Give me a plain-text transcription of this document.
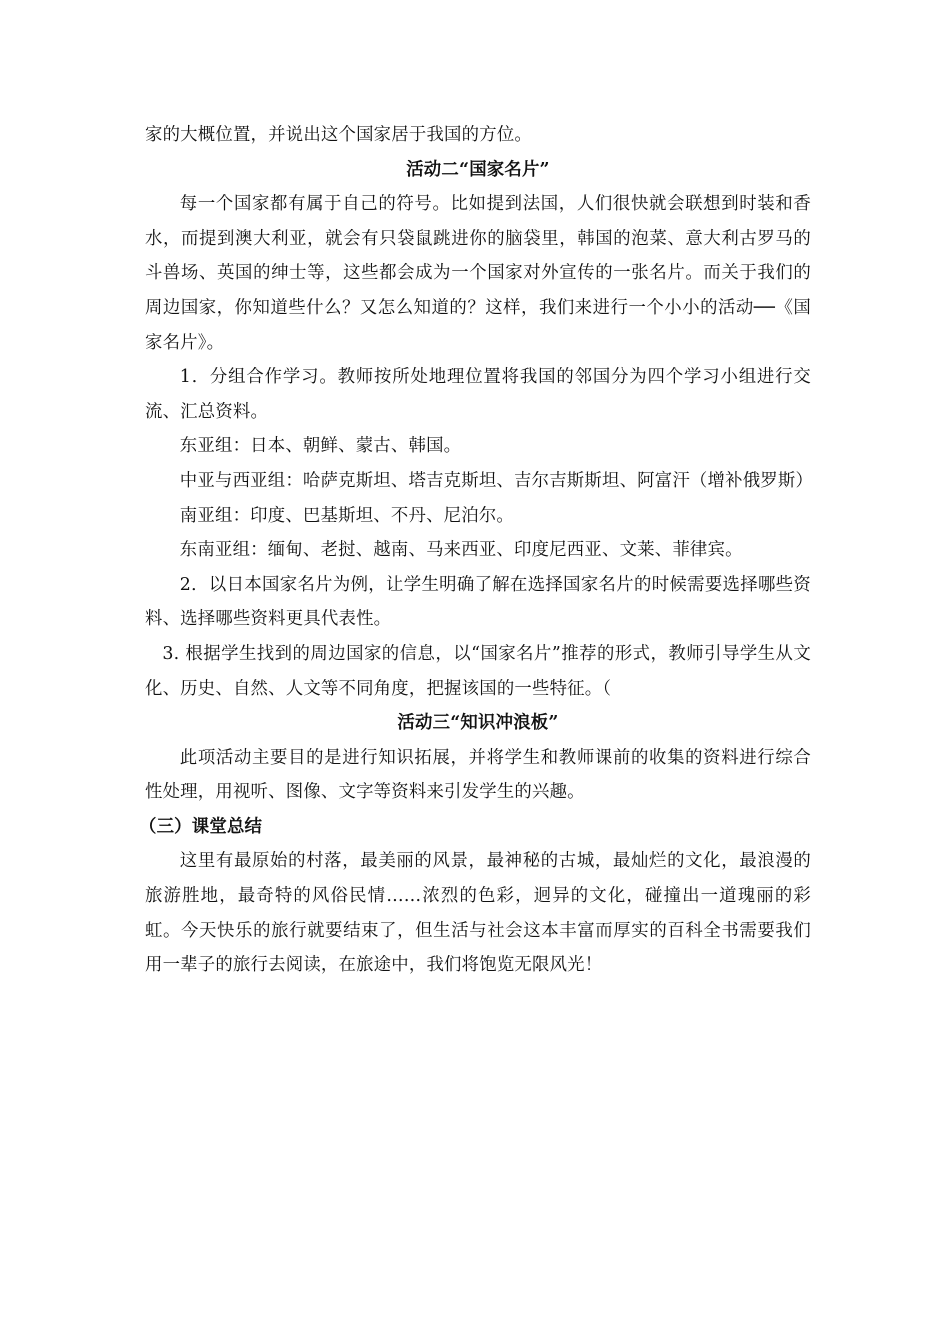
家的大概位置，并说出这个国家居于我国的方位。

活动二“国家名片”

每一个国家都有属于自己的符号。比如提到法国，人们很快就会联想到时装和香水，而提到澳大利亚，就会有只袋鼠跳进你的脑袋里，韩国的泡菜、意大利古罗马的斗兽场、英国的绅士等，这些都会成为一个国家对外宣传的一张名片。而关于我们的周边国家，你知道些什么？又怎么知道的？这样，我们来进行一个小小的活动──《国家名片》。

1．分组合作学习。教师按所处地理位置将我国的邻国分为四个学习小组进行交流、汇总资料。

东亚组：日本、朝鲜、蒙古、韩国。

中亚与西亚组：哈萨克斯坦、塔吉克斯坦、吉尔吉斯斯坦、阿富汗（增补俄罗斯）

南亚组：印度、巴基斯坦、不丹、尼泊尔。

东南亚组：缅甸、老挝、越南、马来西亚、印度尼西亚、文莱、菲律宾。

2．以日本国家名片为例，让学生明确了解在选择国家名片的时候需要选择哪些资料、选择哪些资料更具代表性。

3. 根据学生找到的周边国家的信息，以“国家名片”推荐的形式，教师引导学生从文化、历史、自然、人文等不同角度，把握该国的一些特征。（

活动三“知识冲浪板”

此项活动主要目的是进行知识拓展，并将学生和教师课前的收集的资料进行综合性处理，用视听、图像、文字等资料来引发学生的兴趣。

（三）课堂总结

这里有最原始的村落，最美丽的风景，最神秘的古城，最灿烂的文化，最浪漫的旅游胜地，最奇特的风俗民情……浓烈的色彩，迥异的文化，碰撞出一道瑰丽的彩虹。今天快乐的旅行就要结束了，但生活与社会这本丰富而厚实的百科全书需要我们用一辈子的旅行去阅读，在旅途中，我们将饱览无限风光！
